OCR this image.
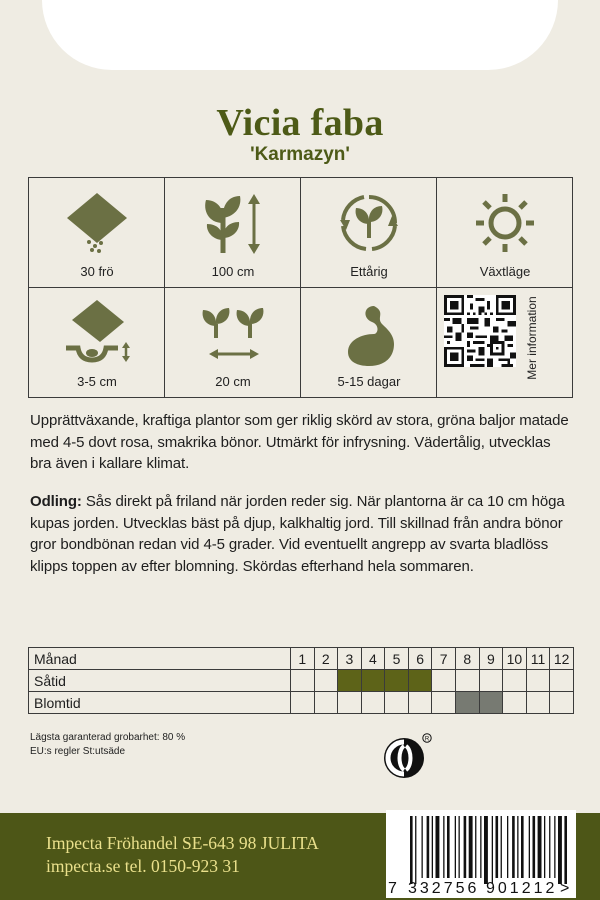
Vicia faba
'Karmazyn'
30 frö	100 cm	Ettårig	Växtläge
3-5 cm	20 cm	5-15 dagar
Mer information
Upprättväxande, kraftiga plantor som ger riklig skörd av stora, gröna baljor matade med 4-5 dovt rosa, smakrika bönor. Utmärkt för infrysning. Vädertålig, utvecklas bra även i kallare klimat.
Odling: Sås direkt på friland när jorden reder sig. När plantorna är ca 10 cm höga kupas jorden. Utvecklas bäst på djup, kalkhaltig jord. Till skillnad från andra bönor gror bondbönan redan vid 4-5 grader. Vid eventuellt angrepp av svarta bladlöss klipps toppen av efter blomning. Skördas efterhand hela sommaren.
Månad	1	2	3	4	5	6	7	8	9	10	11	12
Såtid												
Blomtid												
Lägsta garanterad grobarhet: 80 %
EU:s regler St:utsäde
R
Impecta Fröhandel SE-643 98 JULITA
impecta.se tel. 0150-923 31
7 332756 901212 >
